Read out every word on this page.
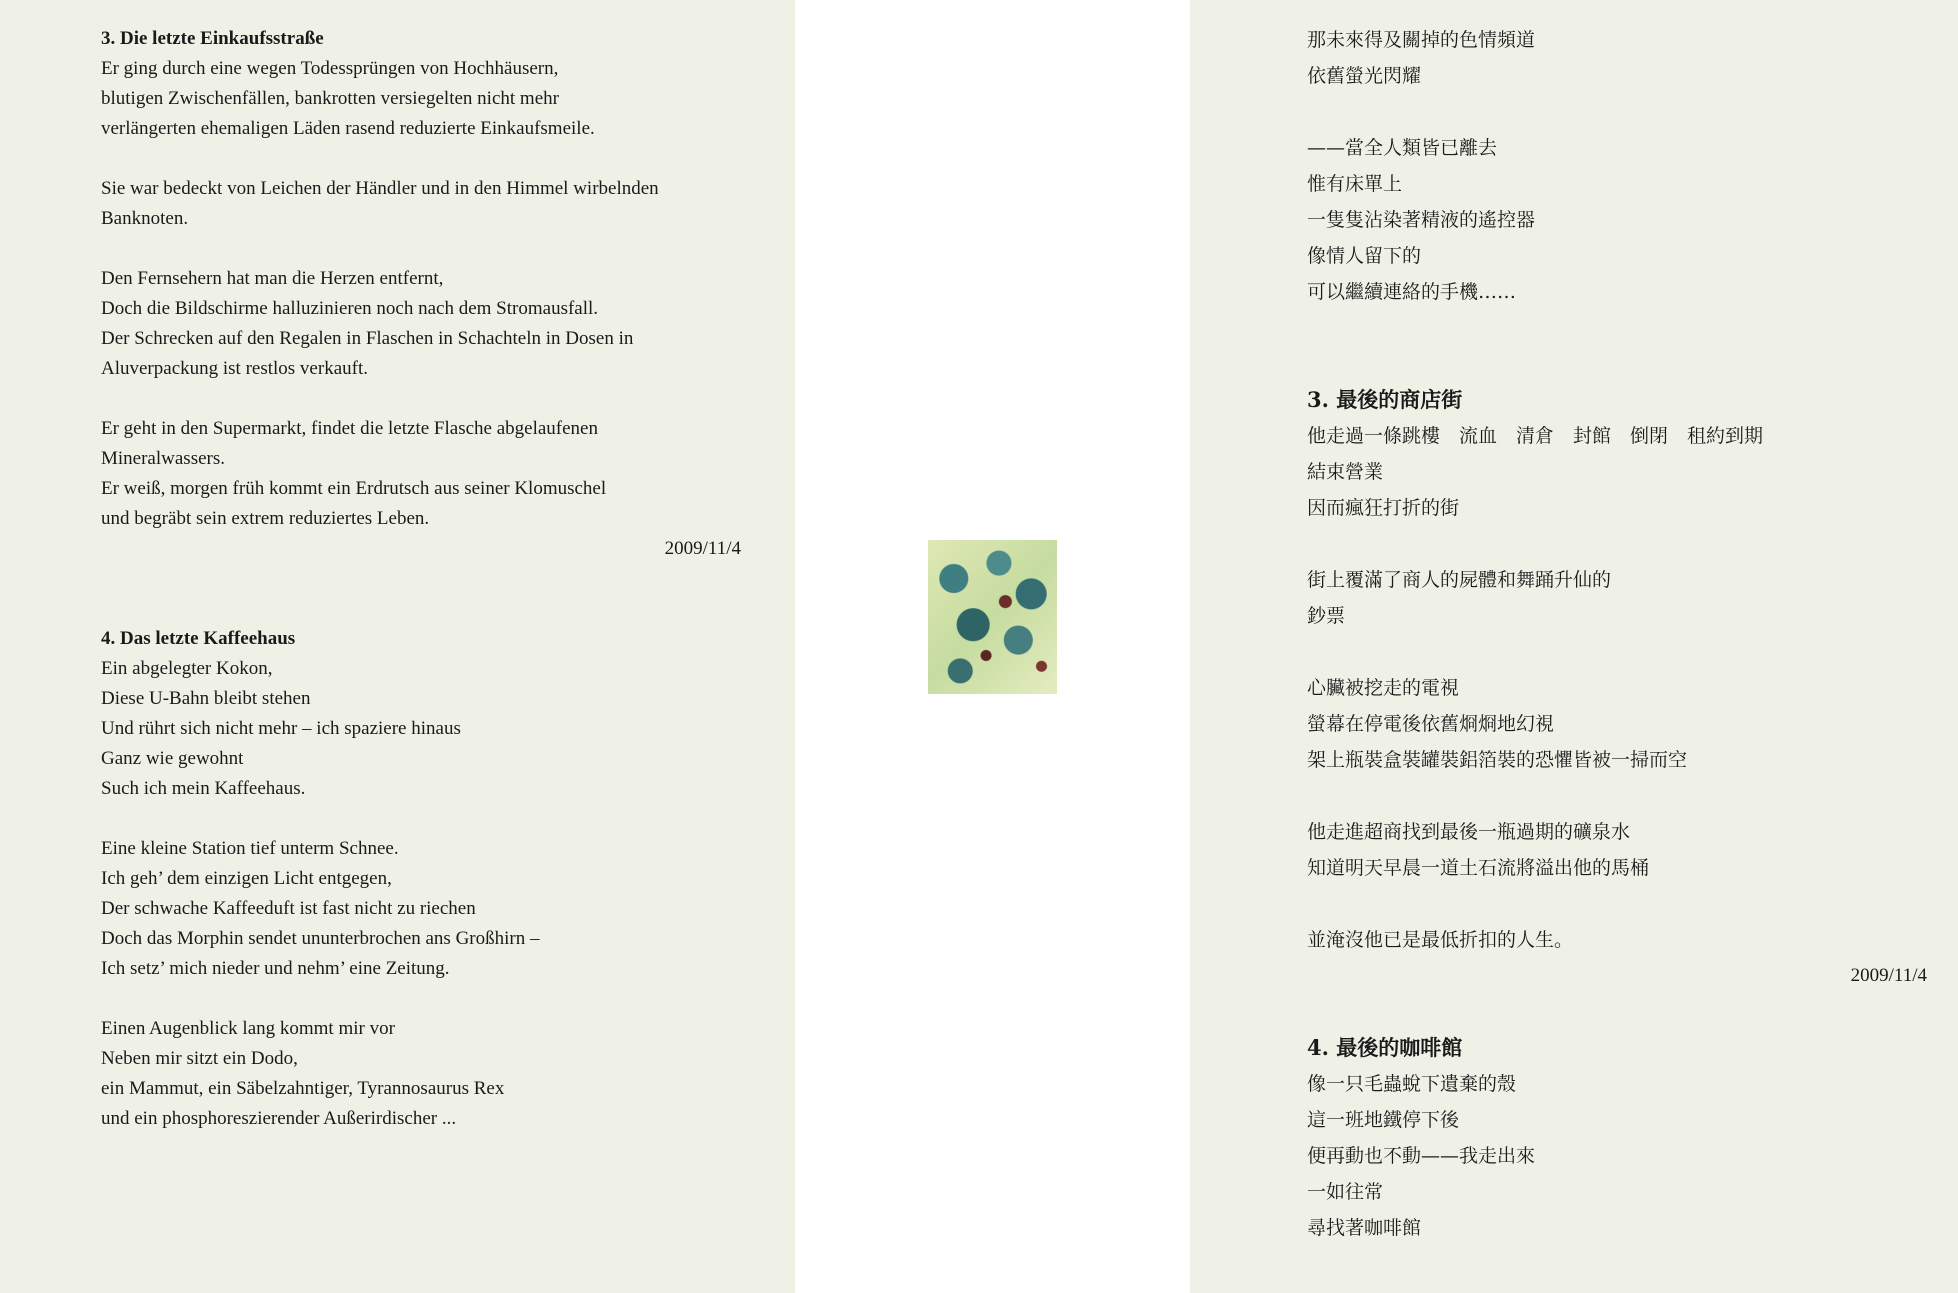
3. Die letzte Einkaufsstraße
Er ging durch eine wegen Todessprüngen von Hochhäusern,
blutigen Zwischenfällen, bankrotten versiegelten nicht mehr
verlängerten ehemaligen Läden rasend reduzierte Einkaufsmeile.
Sie war bedeckt von Leichen der Händler und in den Himmel wirbelnden
Banknoten.
Den Fernsehern hat man die Herzen entfernt,
Doch die Bildschirme halluzinieren noch nach dem Stromausfall.
Der Schrecken auf den Regalen in Flaschen in Schachteln in Dosen in
Aluverpackung ist restlos verkauft.
Er geht in den Supermarkt, findet die letzte Flasche abgelaufenen
Mineralwassers.
Er weiß, morgen früh kommt ein Erdrutsch aus seiner Klomuschel
und begräbt sein extrem reduziertes Leben.
2009/11/4
4. Das letzte Kaffeehaus
Ein abgelegter Kokon,
Diese U-Bahn bleibt stehen
Und rührt sich nicht mehr – ich spaziere hinaus
Ganz wie gewohnt
Such ich mein Kaffeehaus.
Eine kleine Station tief unterm Schnee.
Ich geh’ dem einzigen Licht entgegen,
Der schwache Kaffeeduft ist fast nicht zu riechen
Doch das Morphin sendet ununterbrochen ans Großhirn –
Ich setz’ mich nieder und nehm’ eine Zeitung.
Einen Augenblick lang kommt mir vor
Neben mir sitzt ein Dodo,
ein Mammut, ein Säbelzahntiger, Tyrannosaurus Rex
und ein phosphoreszierender Außerirdischer ...
那未來得及關掉的色情頻道
依舊螢光閃耀
——當全人類皆已離去
惟有床單上
一隻隻沾染著精液的遙控器
像情人留下的
可以繼續連絡的手機……
3. 最後的商店街
他走過一條跳樓　流血　清倉　封館　倒閉　租約到期
結束營業
因而瘋狂打折的街
街上覆滿了商人的屍體和舞踊升仙的
鈔票
心臟被挖走的電視
螢幕在停電後依舊烱烱地幻視
架上瓶裝盒裝罐裝鋁箔裝的恐懼皆被一掃而空
他走進超商找到最後一瓶過期的礦泉水
知道明天早晨一道土石流將溢出他的馬桶
並淹沒他已是最低折扣的人生。
2009/11/4
4. 最後的咖啡館
像一只毛蟲蛻下遺棄的殼
這一班地鐵停下後
便再動也不動——我走出來
一如往常
尋找著咖啡館
